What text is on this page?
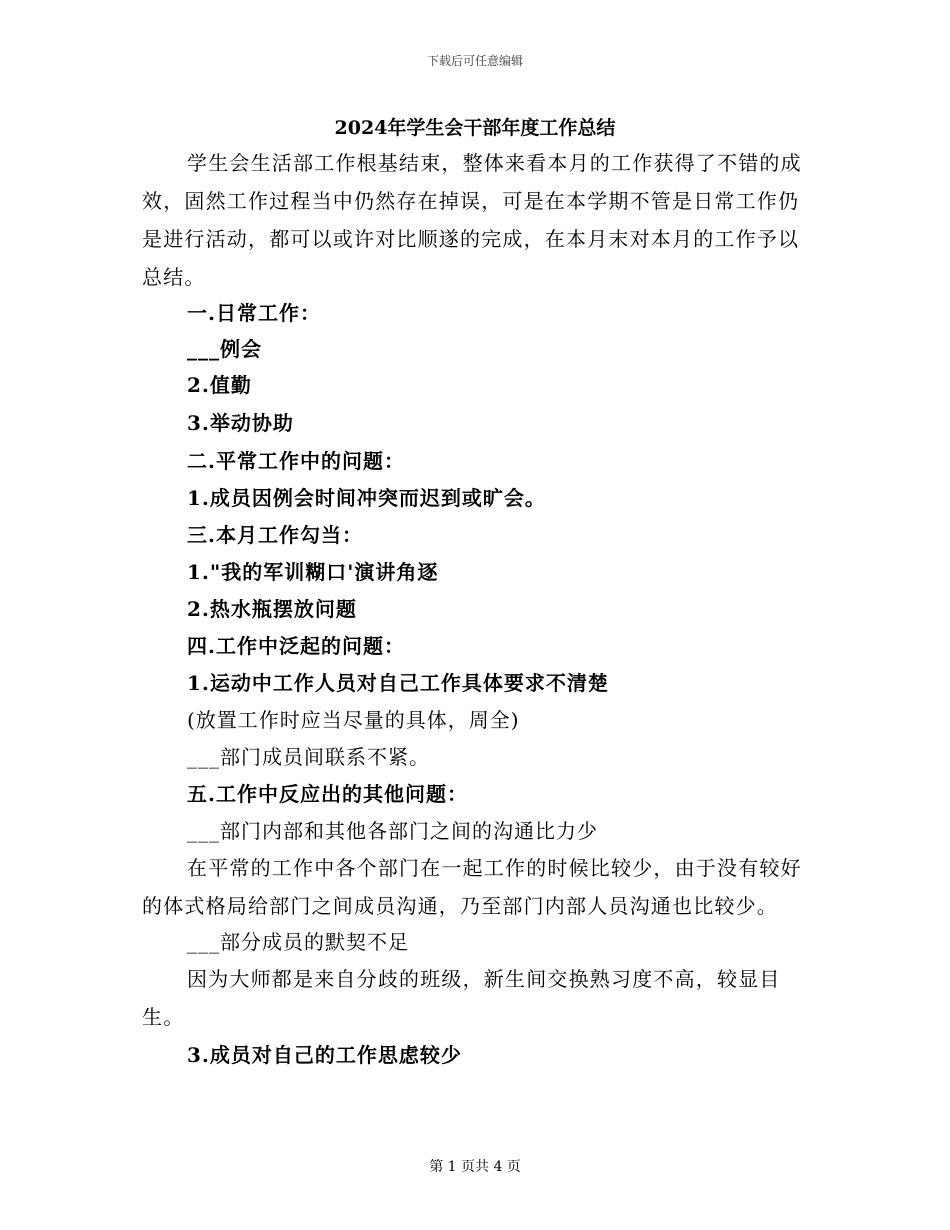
下载后可任意编辑
2024年学生会干部年度工作总结

学生会生活部工作根基结束，整体来看本月的工作获得了不错的成效，固然工作过程当中仍然存在掉误，可是在本学期不管是日常工作仍是进行活动，都可以或许对比顺遂的完成，在本月末对本月的工作予以总结。

一.日常工作：

___例会

2.值勤

3.举动协助

二.平常工作中的问题：

1.成员因例会时间冲突而迟到或旷会。

三.本月工作勾当：

1."我的军训糊口'演讲角逐

2.热水瓶摆放问题

四.工作中泛起的问题：

1.运动中工作人员对自己工作具体要求不清楚

(放置工作时应当尽量的具体，周全)

___部门成员间联系不紧。

五.工作中反应出的其他问题：

___部门内部和其他各部门之间的沟通比力少

在平常的工作中各个部门在一起工作的时候比较少，由于没有较好的体式格局给部门之间成员沟通，乃至部门内部人员沟通也比较少。

___部分成员的默契不足

因为大师都是来自分歧的班级，新生间交换熟习度不高，较显目生。

3.成员对自己的工作思虑较少

第 1 页共 4 页
